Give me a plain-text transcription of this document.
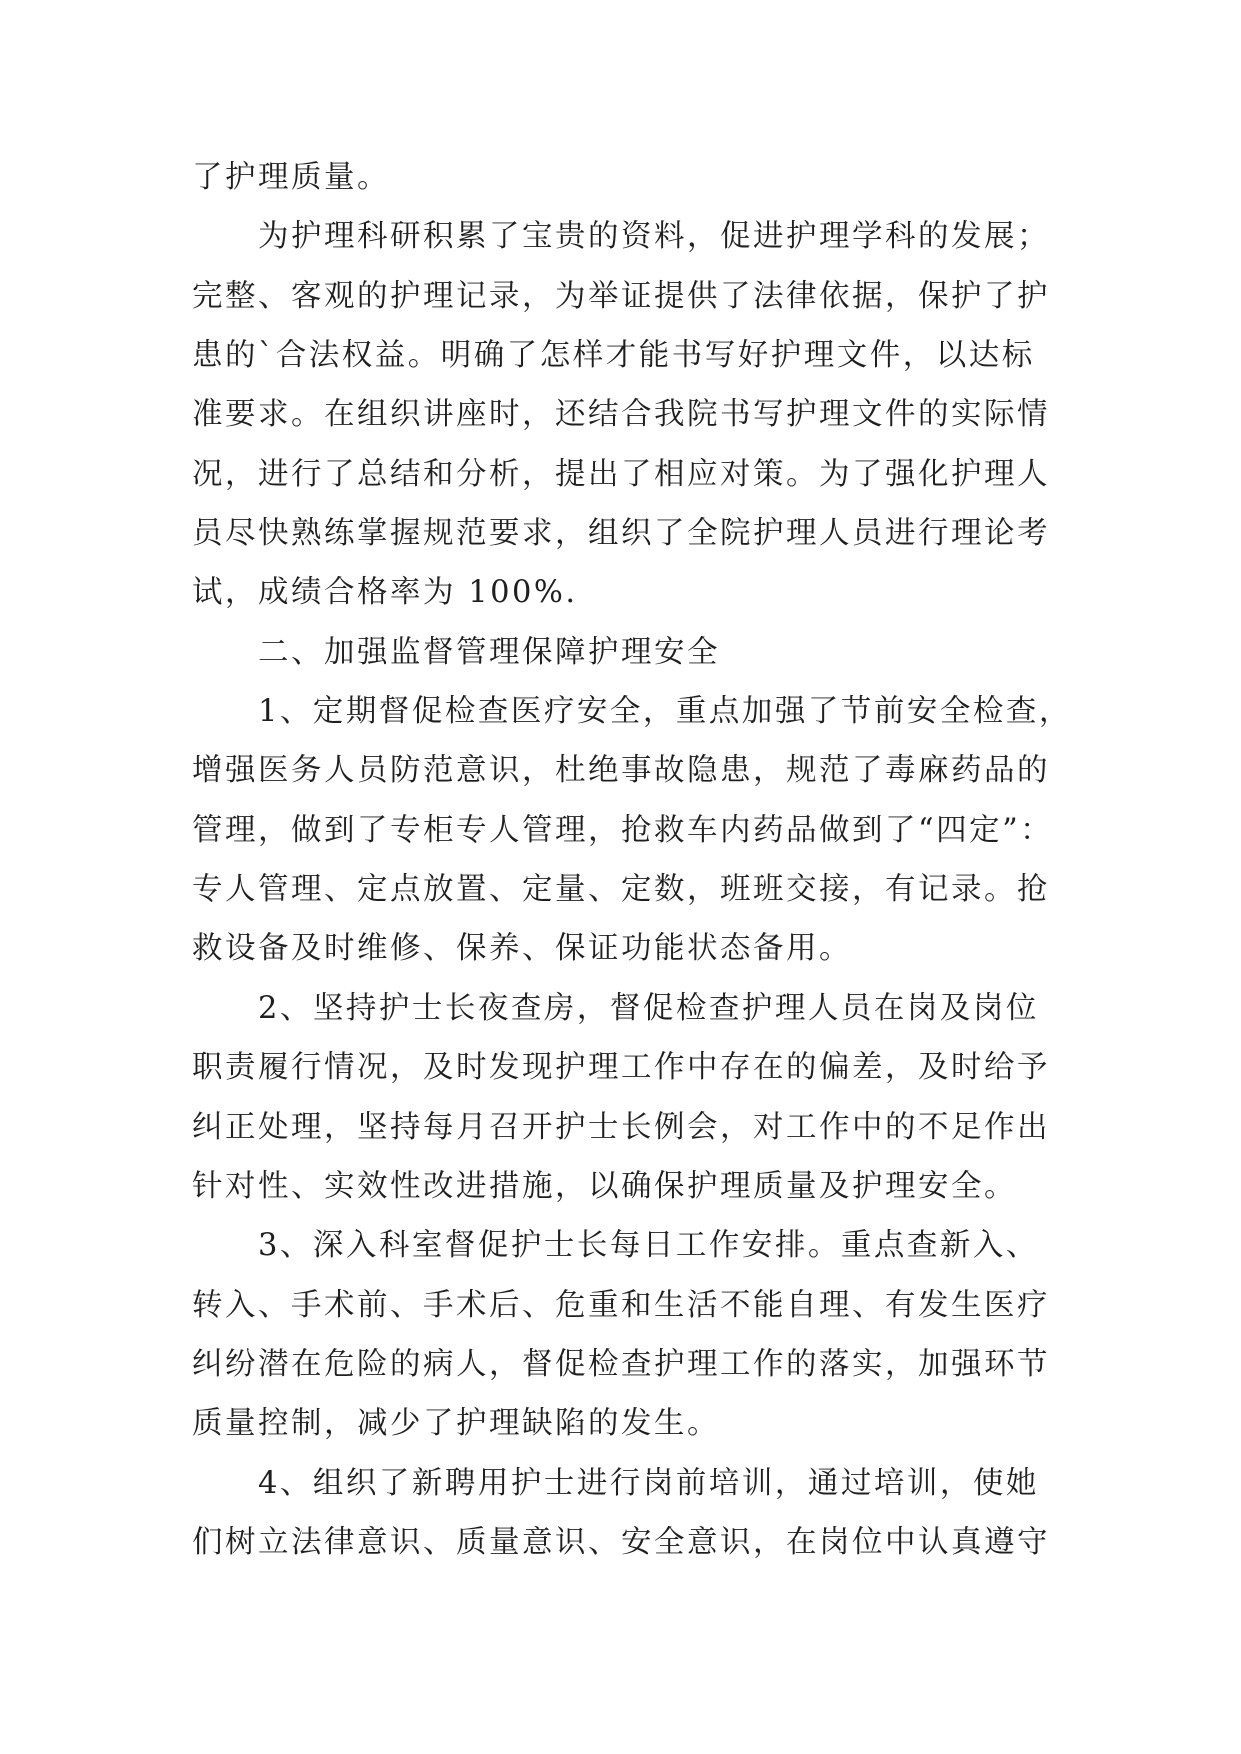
了护理质量。
为护理科研积累了宝贵的资料，促进护理学科的发展；
完整、客观的护理记录，为举证提供了法律依据，保护了护
患的`合法权益。明确了怎样才能书写好护理文件，以达标
准要求。在组织讲座时，还结合我院书写护理文件的实际情
况，进行了总结和分析，提出了相应对策。为了强化护理人
员尽快熟练掌握规范要求，组织了全院护理人员进行理论考
试，成绩合格率为 100%.
二、加强监督管理保障护理安全
1、定期督促检查医疗安全，重点加强了节前安全检查，
增强医务人员防范意识，杜绝事故隐患，规范了毒麻药品的
管理，做到了专柜专人管理，抢救车内药品做到了“四定”：
专人管理、定点放置、定量、定数，班班交接，有记录。抢
救设备及时维修、保养、保证功能状态备用。
2、坚持护士长夜查房，督促检查护理人员在岗及岗位
职责履行情况，及时发现护理工作中存在的偏差，及时给予
纠正处理，坚持每月召开护士长例会，对工作中的不足作出
针对性、实效性改进措施，以确保护理质量及护理安全。
3、深入科室督促护士长每日工作安排。重点查新入、
转入、手术前、手术后、危重和生活不能自理、有发生医疗
纠纷潜在危险的病人，督促检查护理工作的落实，加强环节
质量控制，减少了护理缺陷的发生。
4、组织了新聘用护士进行岗前培训，通过培训，使她
们树立法律意识、质量意识、安全意识，在岗位中认真遵守
